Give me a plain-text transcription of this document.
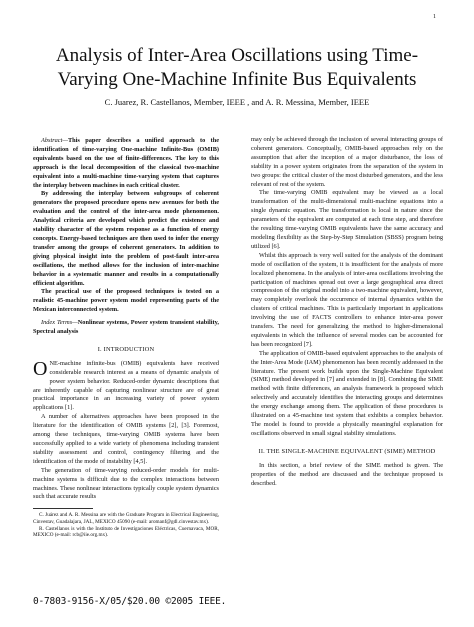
1
Analysis of Inter-Area Oscillations using Time-Varying One-Machine Infinite Bus Equivalents
C. Juarez, R. Castellanos, Member, IEEE , and A. R. Messina, Member, IEEE

Abstract—This paper describes a unified approach to the identification of time-varying One-machine Infinite-Bus (OMIB) equivalents based on the use of finite-differences. The key to this approach is the local decomposition of the classical two-machine equivalent into a multi-machine time-varying system that captures the interplay between machines in each critical cluster.

By addressing the interplay between subgroups of coherent generators the proposed procedure opens new avenues for both the evaluation and the control of the inter-area mode phenomenon. Analytical criteria are developed which predict the existence and stability character of the system response as a function of energy concepts. Energy-based techniques are then used to infer the energy transfer among the groups of coherent generators. In addition to giving physical insight into the problem of post-fault inter-area oscillations, the method allows for the inclusion of inter-machine behavior in a systematic manner and results in a computationally efficient algorithm.

The practical use of the proposed techniques is tested on a realistic 45-machine power system model representing parts of the Mexican interconnected system.

Index Terms—Nonlinear systems, Power system transient stability, Spectral analysis

I. INTRODUCTION

ONE-machine infinite-bus (OMIB) equivalents have received considerable research interest as a means of dynamic analysis of power system behavior. Reduced-order dynamic descriptions that are inherently capable of capturing nonlinear structure are of great practical importance in an increasing variety of power system applications [1].

A number of alternatives approaches have been proposed in the literature for the identification of OMIB systems [2], [3]. Foremost, among these techniques, time-varying OMIB systems have been successfully applied to a wide variety of phenomena including transient stability assessment and control, contingency filtering and the identification of the mode of instability [4,5].

The generation of time-varying reduced-order models for multi-machine systems is difficult due to the complex interactions between machines. These nonlinear interactions typically couple system dynamics such that accurate results

C. Juárez and A. R. Messina are with the Graduate Program in Electrical Engineering, Cinvestav, Guadalajara, JAL, MEXICO 45090 (e-mail: aromanf@gdl.cinvestav.mx).

R. Castellanos is with the Instituto de Investigaciones Eléctricas, Cuernavaca, MOR, MEXICO (e-mail: rcb@iie.org.mx).

0-7803-9156-X/05/$20.00 ©2005 IEEE.

may only be achieved through the inclusion of several interacting groups of coherent generators. Conceptually, OMIB-based approaches rely on the assumption that after the inception of a major disturbance, the loss of stability in a power system originates from the separation of the system in two groups: the critical cluster of the most disturbed generators, and the less relevant of rest of the system.

The time-varying OMIB equivalent may be viewed as a local transformation of the multi-dimensional multi-machine equations into a single dynamic equation. The transformation is local in nature since the parameters of the equivalent are computed at each time step, and therefore the resulting time-varying OMIB equivalents have the same accuracy and modeling flexibility as the Step-by-Step Simulation (SBSS) program being utilized [6].

Whilst this approach is very well suited for the analysis of the dominant mode of oscillation of the system, it is insufficient for the analysis of more localized phenomena. In the analysis of inter-area oscillations involving the participation of machines spread out over a large geographical area direct compression of the original model into a two-machine equivalent, however, may completely overlook the occurrence of internal dynamics within the clusters of critical machines. This is particularly important in applications involving the use of FACTS controllers to enhance inter-area power transfers. The need for generalizing the method to higher-dimensional equivalents in which the influence of several modes can be accounted for has been recognized [7].

The application of OMIB-based equivalent approaches to the analysis of the Inter-Area Mode (IAM) phenomenon has been recently addressed in the literature. The present work builds upon the Single-Machine Equivalent (SIME) method developed in [7] and extended in [8]. Combining the SIME method with finite differences, an analysis framework is proposed which selectively and accurately identifies the interacting groups and determines the energy exchange among them. The application of these procedures is illustrated on a 45-machine test system that exhibits a complex behavior. The model is found to provide a physically meaningful explanation for oscillations observed in small signal stability simulations.

II. THE SINGLE-MACHINE EQUIVALENT (SIME) METHOD

In this section, a brief review of the SIME method is given. The properties of the method are discussed and the technique proposed is described.
